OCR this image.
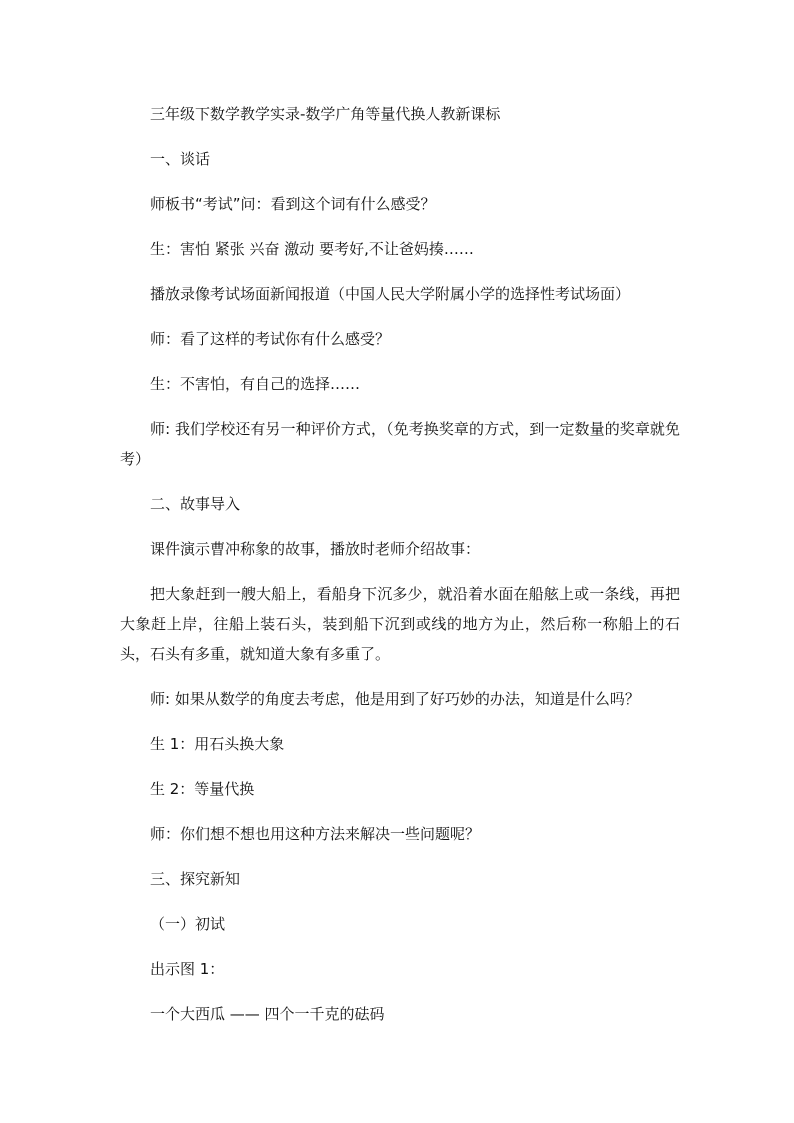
三年级下数学教学实录-数学广角等量代换人教新课标

一、谈话

师板书“考试”问：看到这个词有什么感受？

生：害怕 紧张 兴奋 激动 要考好,不让爸妈揍……

播放录像考试场面新闻报道（中国人民大学附属小学的选择性考试场面）

师：看了这样的考试你有什么感受？

生：不害怕，有自己的选择……

师: 我们学校还有另一种评价方式，（免考换奖章的方式，到一定数量的奖章就免考）

二、故事导入

课件演示曹冲称象的故事，播放时老师介绍故事：

把大象赶到一艘大船上，看船身下沉多少，就沿着水面在船舷上或一条线，再把大象赶上岸，往船上装石头，装到船下沉到或线的地方为止，然后称一称船上的石头，石头有多重，就知道大象有多重了。

师: 如果从数学的角度去考虑，他是用到了好巧妙的办法，知道是什么吗？

生 1：用石头换大象

生 2：等量代换

师：你们想不想也用这种方法来解决一些问题呢？

三、探究新知

（一）初试

出示图 1：

一个大西瓜 —— 四个一千克的砝码
